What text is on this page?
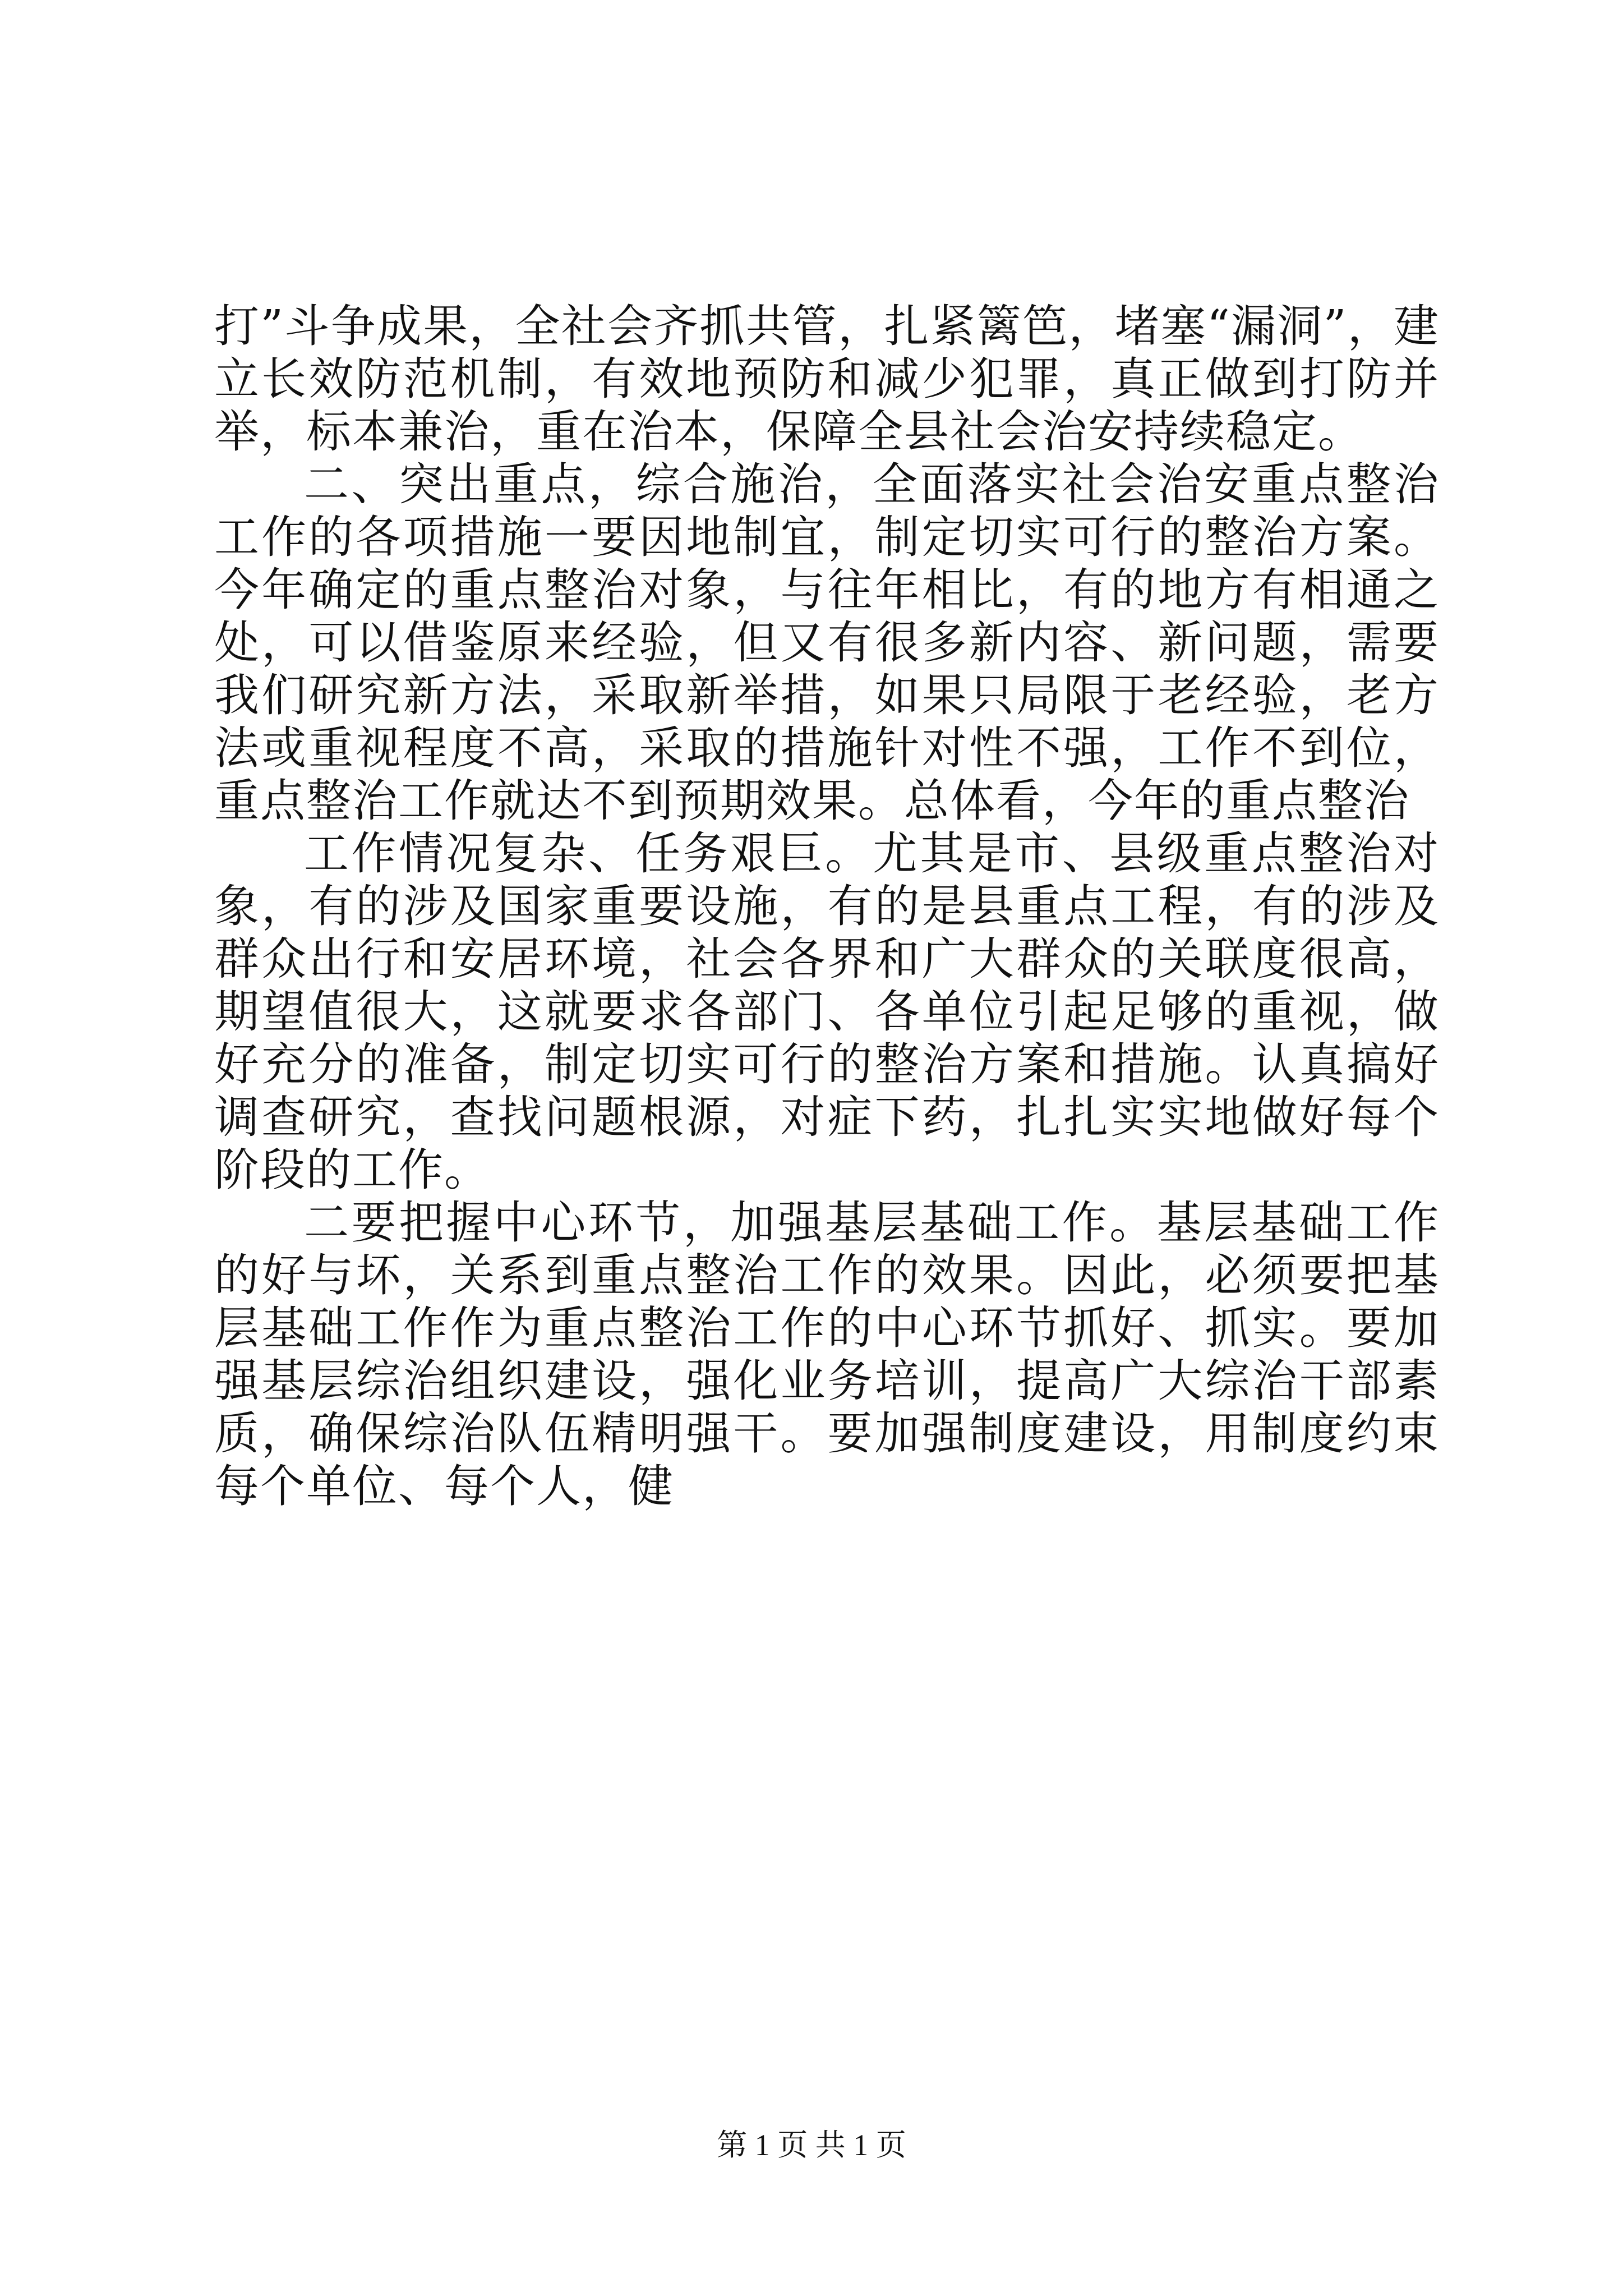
打”斗争成果，全社会齐抓共管，扎紧篱笆，堵塞“漏洞”，建立长效防范机制，有效地预防和减少犯罪，真正做到打防并举，标本兼治，重在治本，保障全县社会治安持续稳定。

二、突出重点，综合施治，全面落实社会治安重点整治工作的各项措施一要因地制宜，制定切实可行的整治方案。今年确定的重点整治对象，与往年相比，有的地方有相通之处，可以借鉴原来经验，但又有很多新内容、新问题，需要我们研究新方法，采取新举措，如果只局限于老经验，老方法或重视程度不高，采取的措施针对性不强，工作不到位，重点整治工作就达不到预期效果。总体看，今年的重点整治

工作情况复杂、任务艰巨。尤其是市、县级重点整治对象，有的涉及国家重要设施，有的是县重点工程，有的涉及群众出行和安居环境，社会各界和广大群众的关联度很高，期望值很大，这就要求各部门、各单位引起足够的重视，做好充分的准备，制定切实可行的整治方案和措施。认真搞好调查研究，查找问题根源，对症下药，扎扎实实地做好每个阶段的工作。

二要把握中心环节，加强基层基础工作。基层基础工作的好与坏，关系到重点整治工作的效果。因此，必须要把基层基础工作作为重点整治工作的中心环节抓好、抓实。要加强基层综治组织建设，强化业务培训，提高广大综治干部素质，确保综治队伍精明强干。要加强制度建设，用制度约束每个单位、每个人，健

第 1 页 共 1 页
